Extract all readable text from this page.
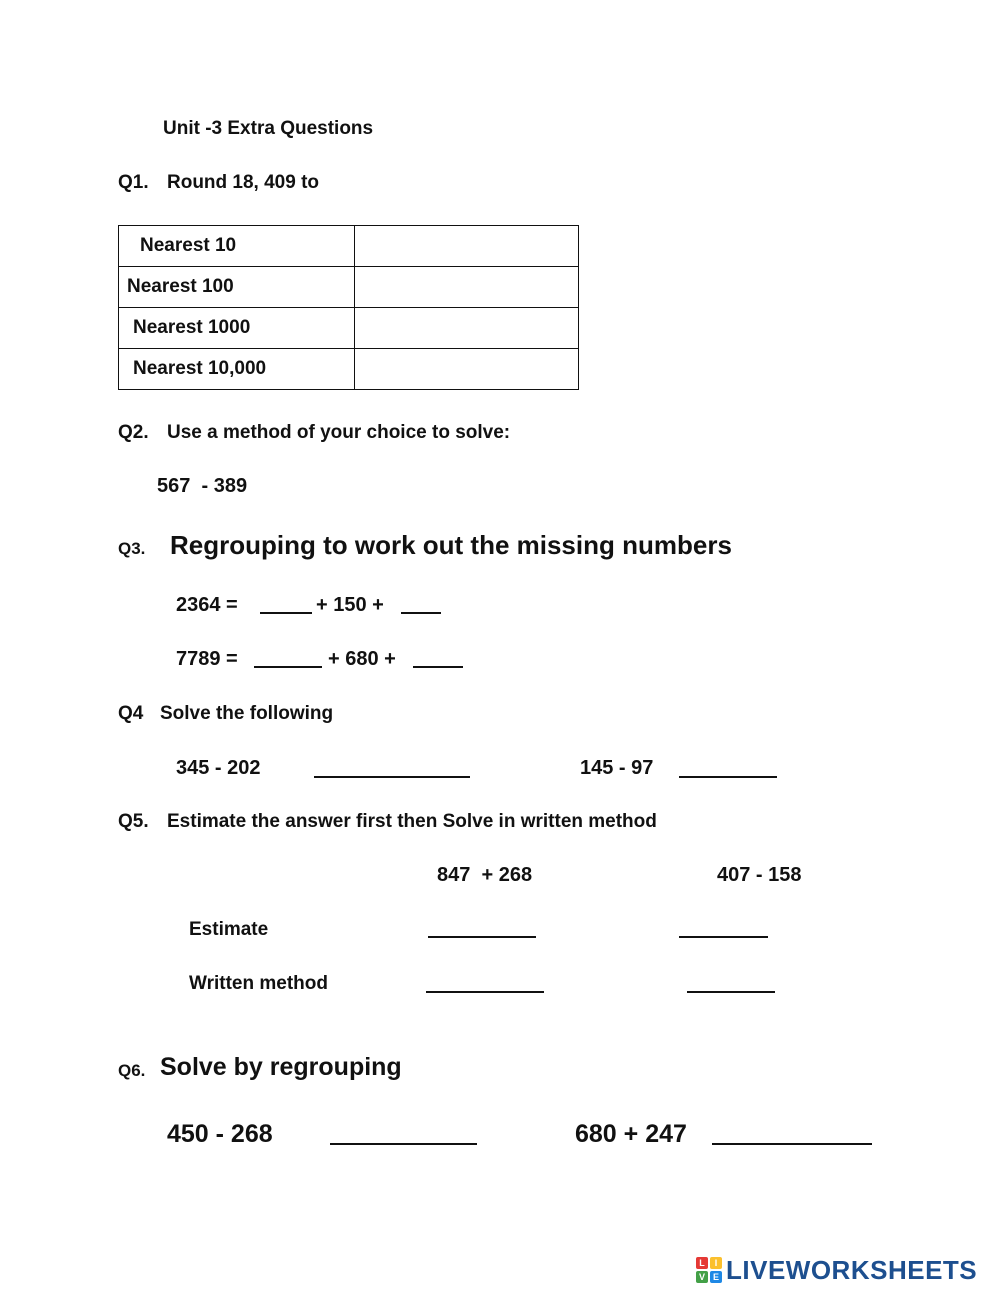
Unit -3 Extra Questions
Q1. Round 18, 409 to
Nearest 10	
Nearest 100	
Nearest 1000	
Nearest 10,000	
Q2. Use a method of your choice to solve:
567  - 389
Q3. Regrouping to work out the missing numbers
2364 =	+ 150 +
7789 =	+ 680 +
Q4 Solve the following
345 - 202	145 - 97
Q5. Estimate the answer first then Solve in written method
847  + 268	407 - 158
Estimate
Written method
Q6. Solve by regrouping
450 - 268	680 + 247
L	I
V E LIVEWORKSHEETS
